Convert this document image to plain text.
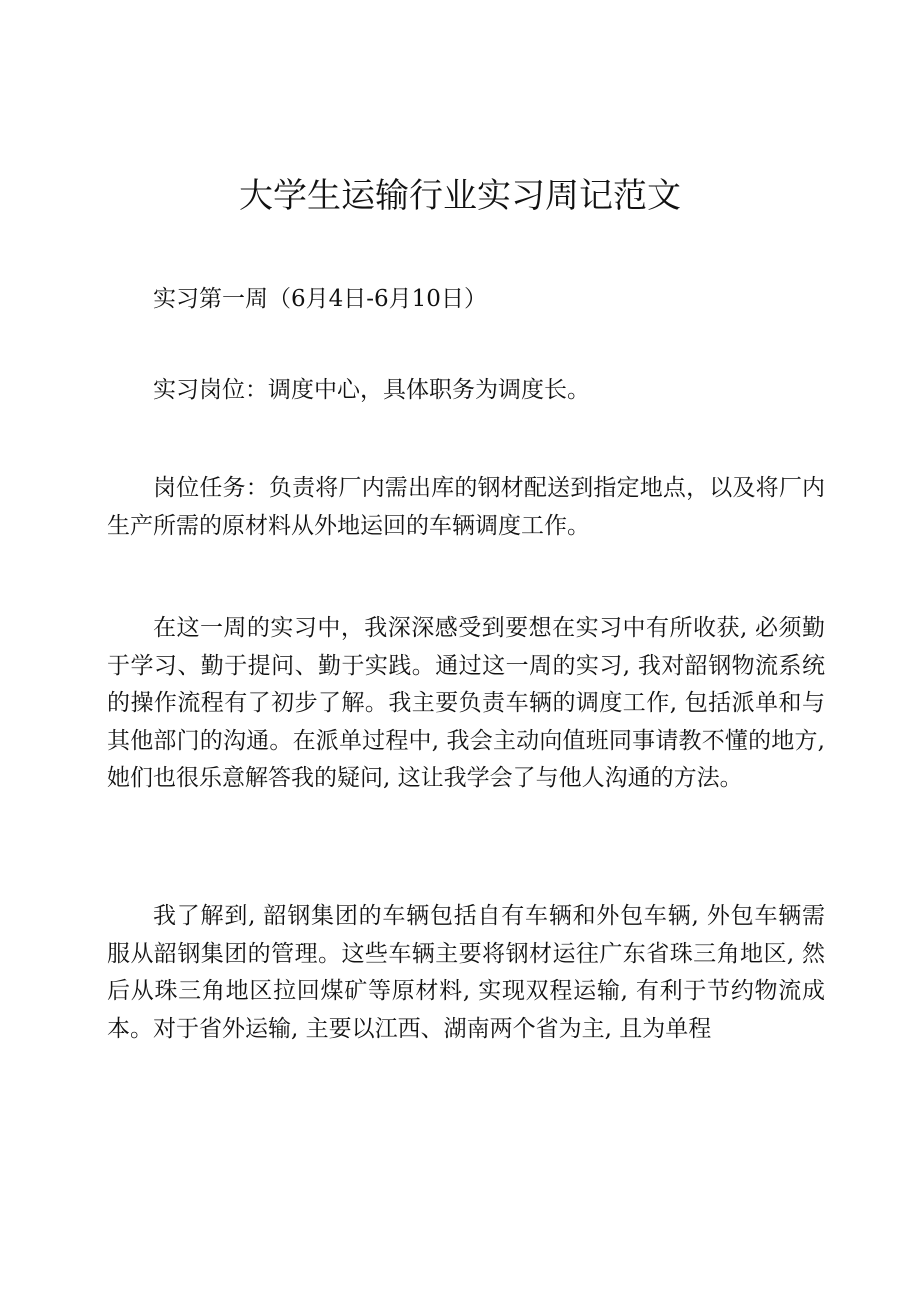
大学生运输行业实习周记范文

实习第一周（6月4日-6月10日）

实习岗位：调度中心，具体职务为调度长。

岗位任务：负责将厂内需出库的钢材配送到指定地点，以及将厂内生产所需的原材料从外地运回的车辆调度工作。

在这一周的实习中，我深深感受到要想在实习中有所收获, 必须勤于学习、勤于提问、勤于实践。通过这一周的实习, 我对韶钢物流系统的操作流程有了初步了解。我主要负责车辆的调度工作, 包括派单和与其他部门的沟通。在派单过程中, 我会主动向值班同事请教不懂的地方, 她们也很乐意解答我的疑问, 这让我学会了与他人沟通的方法。

我了解到, 韶钢集团的车辆包括自有车辆和外包车辆, 外包车辆需服从韶钢集团的管理。这些车辆主要将钢材运往广东省珠三角地区, 然后从珠三角地区拉回煤矿等原材料, 实现双程运输, 有利于节约物流成本。对于省外运输, 主要以江西、湖南两个省为主, 且为单程
